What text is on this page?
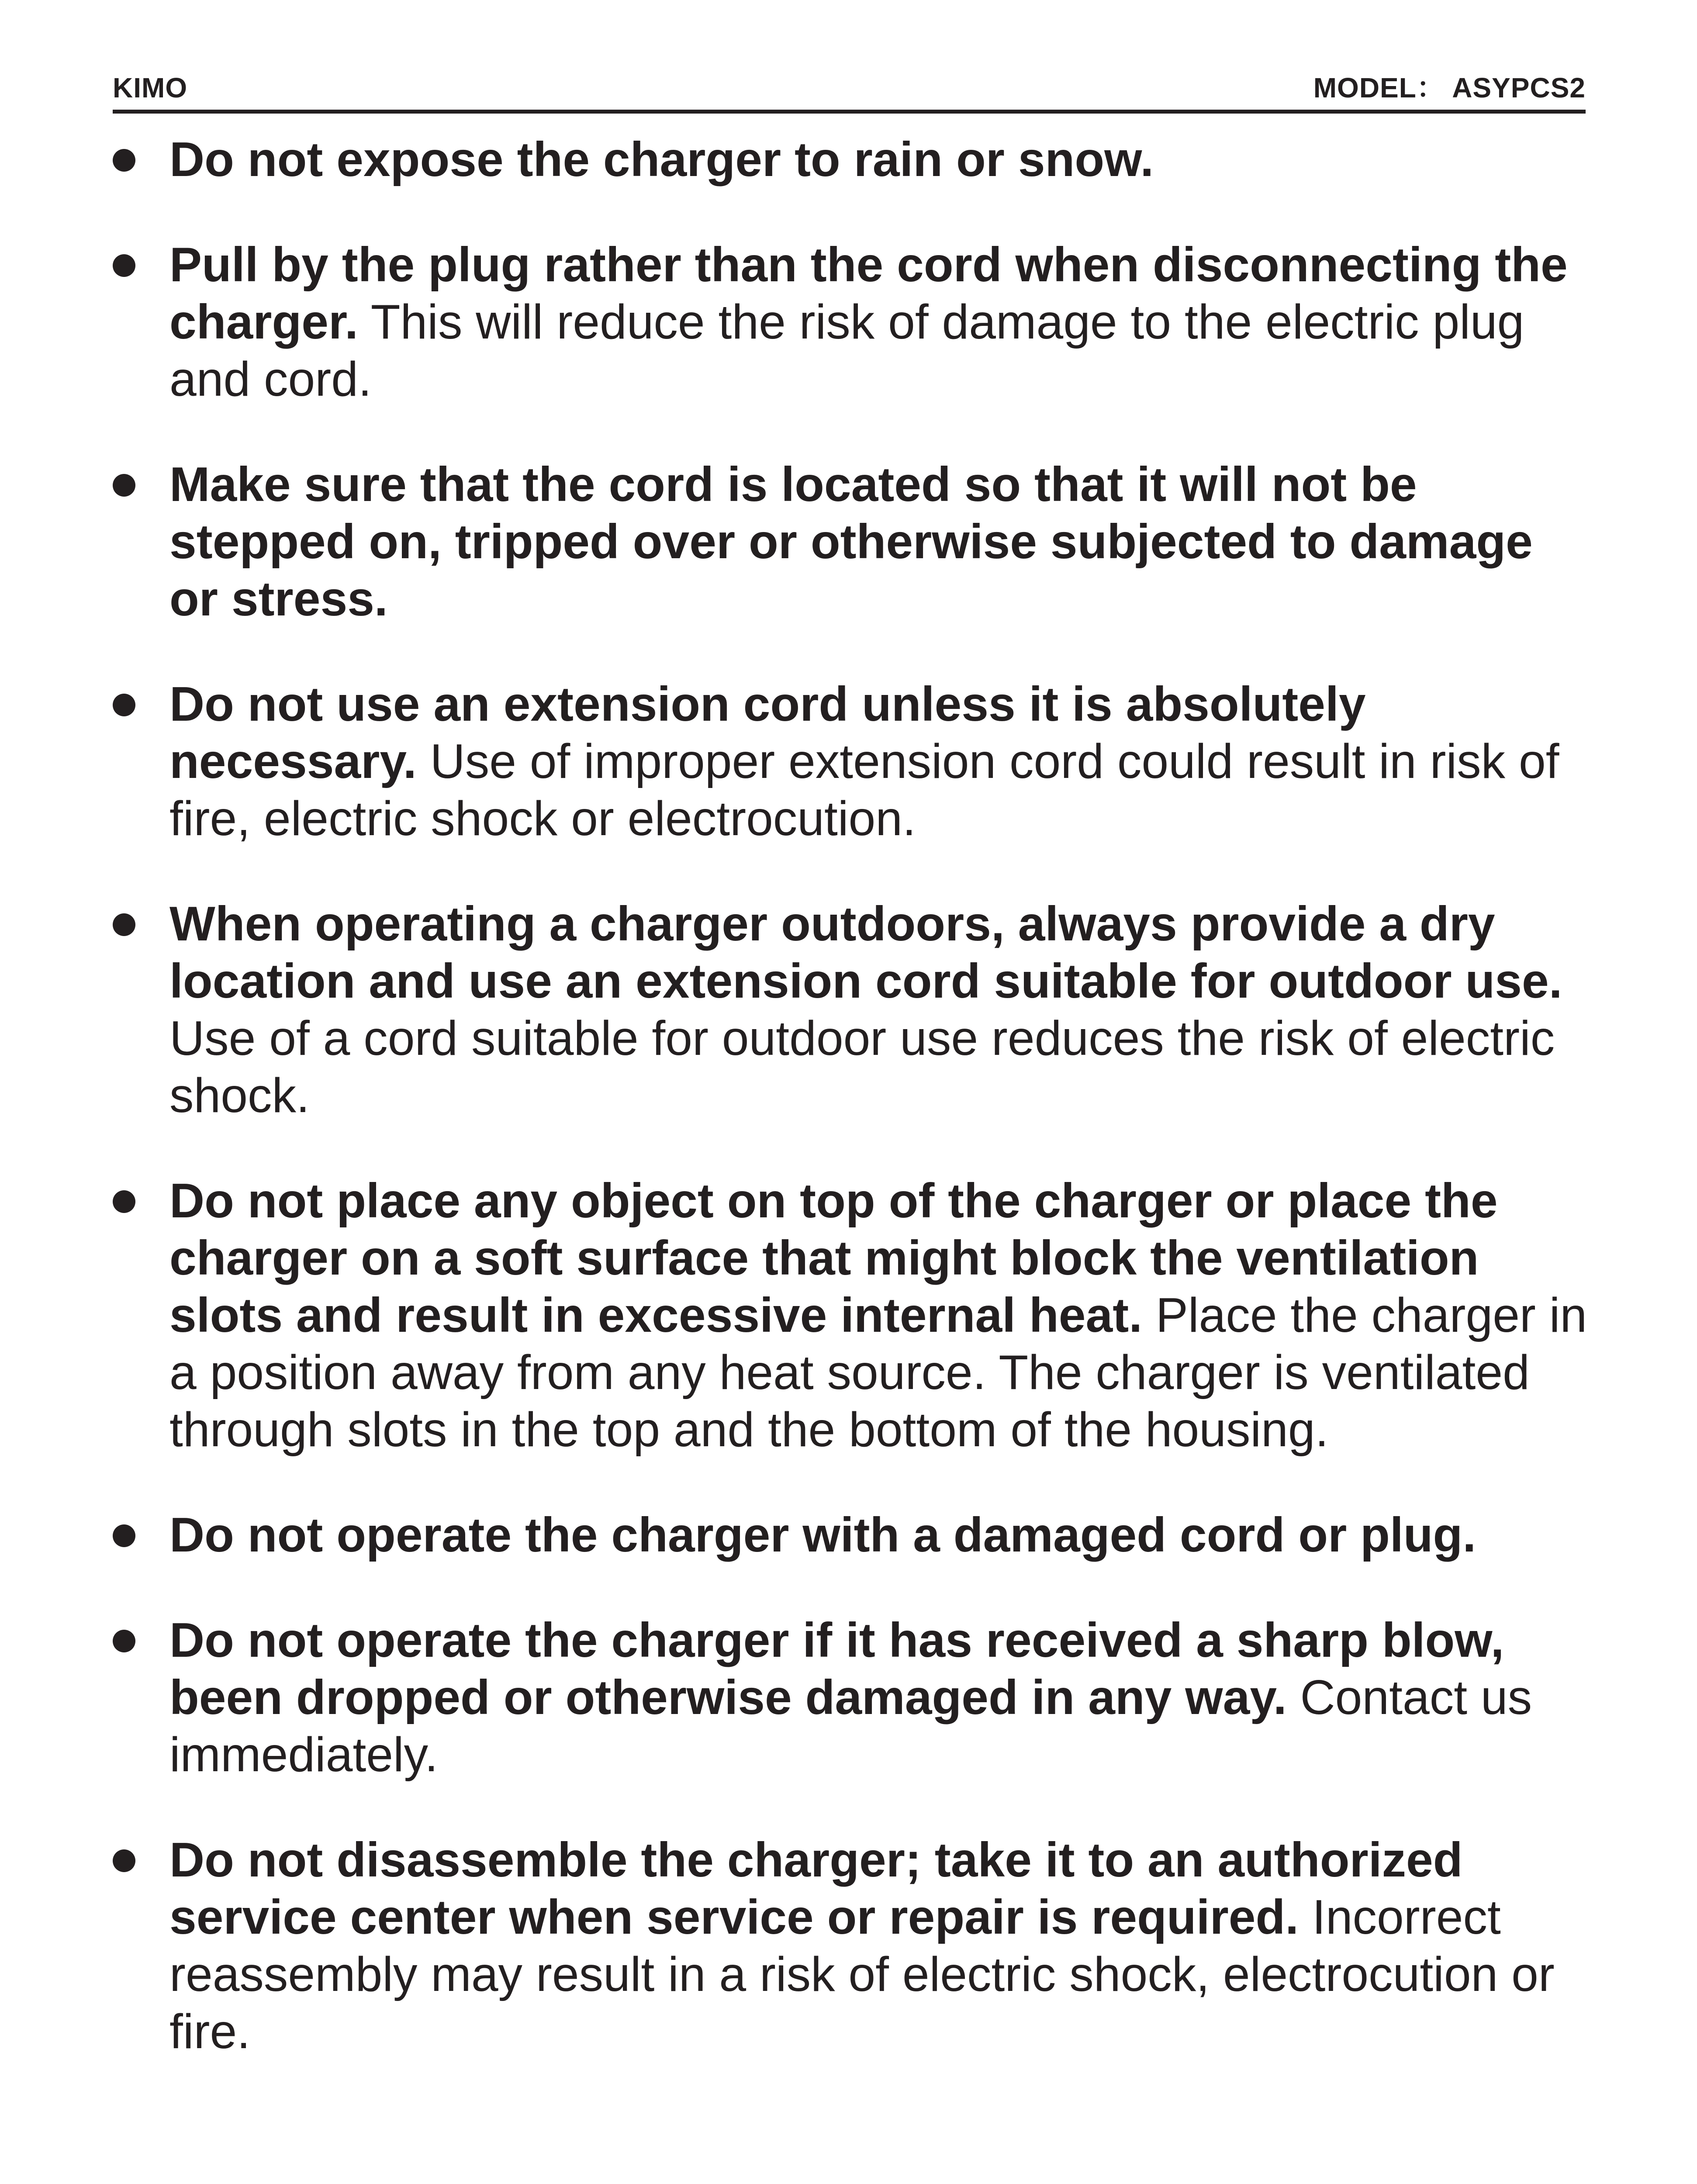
KIMO	MODEL： ASYPCS2
Do not expose the charger to rain or snow.
Pull by the plug rather than the cord when disconnecting the charger. This will reduce the risk of damage to the electric plug and cord.
Make sure that the cord is located so that it will not be stepped on, tripped over or otherwise subjected to damage or stress.
Do not use an extension cord unless it is absolutely necessary. Use of improper extension cord could result in risk of fire, electric shock or electrocution.
When operating a charger outdoors, always provide a dry location and use an extension cord suitable for outdoor use. Use of a cord suitable for outdoor use reduces the risk of electric shock.
Do not place any object on top of the charger or place the charger on a soft surface that might block the ventilation slots and result in excessive internal heat. Place the charger in a position away from any heat source. The charger is ventilated through slots in the top and the bottom of the housing.
Do not operate the charger with a damaged cord or plug.
Do not operate the charger if it has received a sharp blow, been dropped or otherwise damaged in any way. Contact us immediately.
Do not disassemble the charger; take it to an authorized service center when service or repair is required. Incorrect reassembly may result in a risk of electric shock, electrocution or fire.
